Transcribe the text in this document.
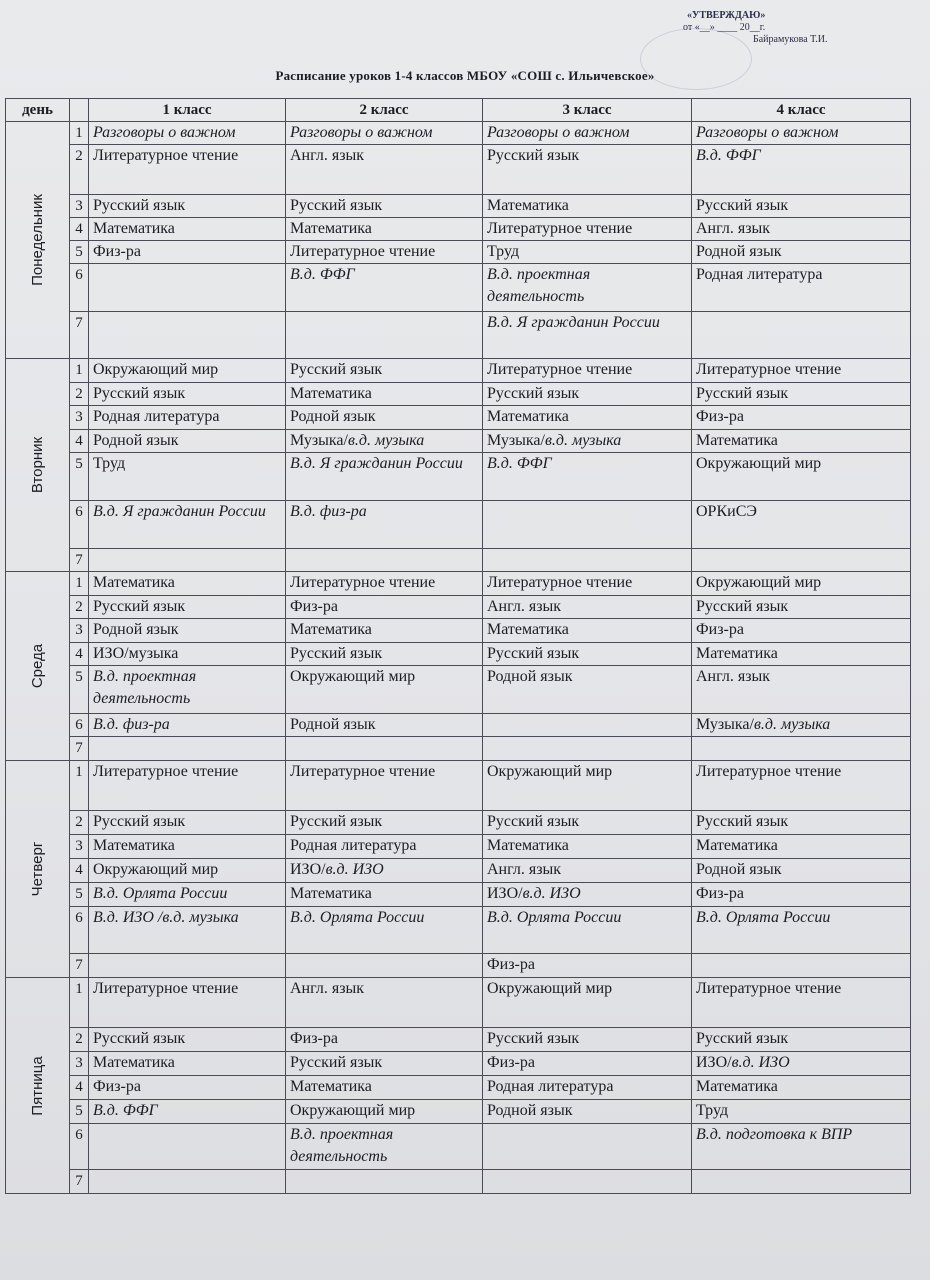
«УТВЕРЖДАЮ»
от «__» ____ 20__г.
Байрамукова Т.И.
Расписание уроков 1-4 классов МБОУ «СОШ с. Ильичевское»
день		1 класс	2 класс	3 класс	4 класс

Понедельник	1	Разговоры о важном	Разговоры о важном	Разговоры о важном	Разговоры о важном
	2	Литературное чтение	Англ. язык	Русский язык	В.д. ФФГ
	3	Русский язык	Русский язык	Математика	Русский язык
	4	Математика	Математика	Литературное чтение	Англ. язык
	5	Физ-ра	Литературное чтение	Труд	Родной язык
	6		В.д. ФФГ	В.д. проектная деятельность	Родная литература
	7			В.д. Я гражданин России	

Вторник	1	Окружающий мир	Русский язык	Литературное чтение	Литературное чтение
	2	Русский язык	Математика	Русский язык	Русский язык
	3	Родная литература	Родной язык	Математика	Физ-ра
	4	Родной язык	Музыка/в.д. музыка	Музыка/в.д. музыка	Математика
	5	Труд	В.д. Я гражданин России	В.д. ФФГ	Окружающий мир
	6	В.д. Я гражданин России	В.д. физ-ра		ОРКиСЭ
	7				

Среда	1	Математика	Литературное чтение	Литературное чтение	Окружающий мир
	2	Русский язык	Физ-ра	Англ. язык	Русский язык
	3	Родной язык	Математика	Математика	Физ-ра
	4	ИЗО/музыка	Русский язык	Русский язык	Математика
	5	В.д. проектная деятельность	Окружающий мир	Родной язык	Англ. язык
	6	В.д. физ-ра	Родной язык		Музыка/в.д. музыка
	7				

Четверг	1	Литературное чтение	Литературное чтение	Окружающий мир	Литературное чтение
	2	Русский язык	Русский язык	Русский язык	Русский язык
	3	Математика	Родная литература	Математика	Математика
	4	Окружающий мир	ИЗО/в.д. ИЗО	Англ. язык	Родной язык
	5	В.д. Орлята России	Математика	ИЗО/в.д. ИЗО	Физ-ра
	6	В.д. ИЗО /в.д. музыка	В.д. Орлята России	В.д. Орлята России	В.д. Орлята России
	7			Физ-ра	

Пятница	1	Литературное чтение	Англ. язык	Окружающий мир	Литературное чтение
	2	Русский язык	Физ-ра	Русский язык	Русский язык
	3	Математика	Русский язык	Физ-ра	ИЗО/в.д. ИЗО
	4	Физ-ра	Математика	Родная литература	Математика
	5	В.д. ФФГ	Окружающий мир	Родной язык	Труд
	6		В.д. проектная деятельность		В.д. подготовка к ВПР
	7				
